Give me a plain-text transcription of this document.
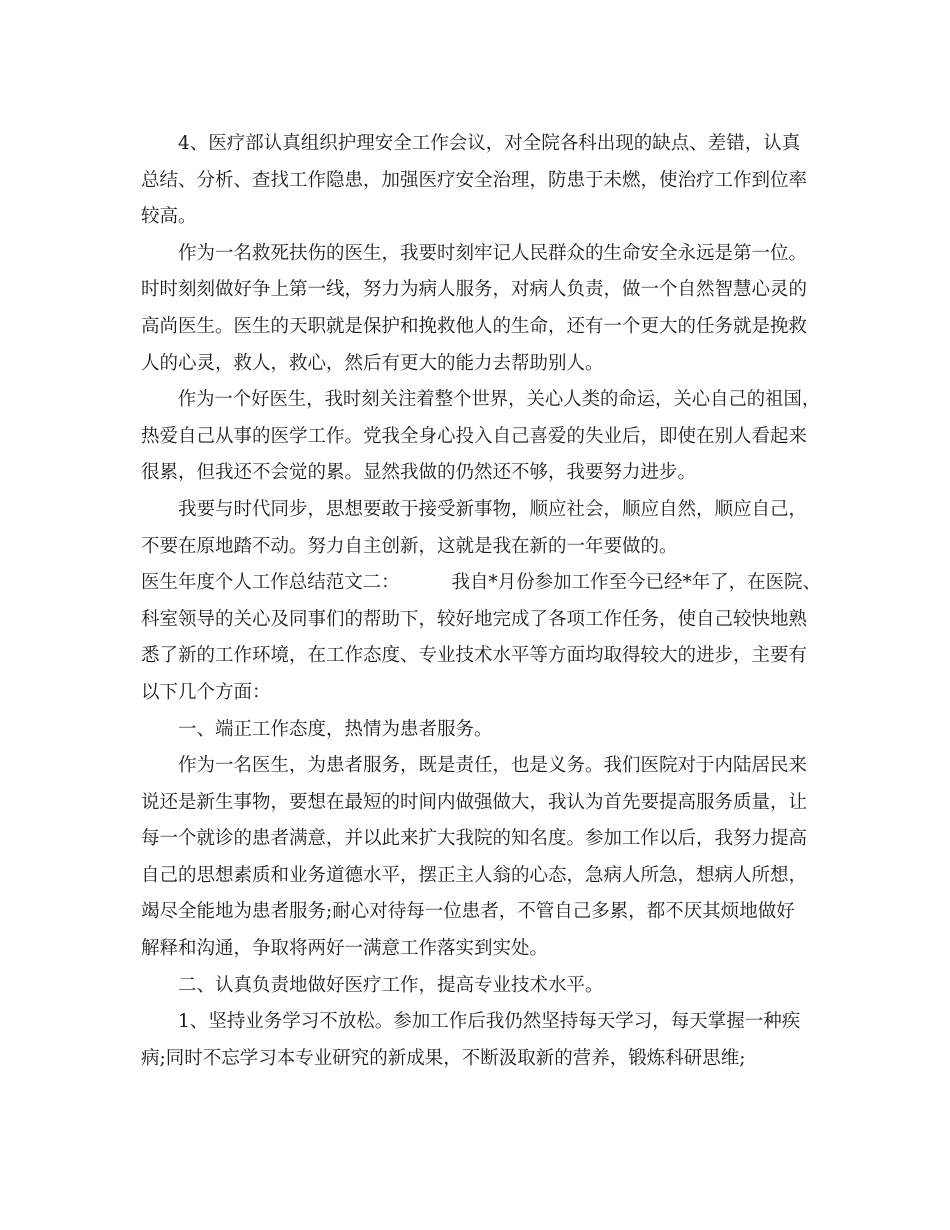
4、医疗部认真组织护理安全工作会议，对全院各科出现的缺点、差错，认真
总结、分析、查找工作隐患，加强医疗安全治理，防患于未燃，使治疗工作到位率
较高。
作为一名救死扶伤的医生，我要时刻牢记人民群众的生命安全永远是第一位。
时时刻刻做好争上第一线，努力为病人服务，对病人负责，做一个自然智慧心灵的
高尚医生。医生的天职就是保护和挽救他人的生命，还有一个更大的任务就是挽救
人的心灵，救人，救心，然后有更大的能力去帮助别人。
作为一个好医生，我时刻关注着整个世界，关心人类的命运，关心自己的祖国，
热爱自己从事的医学工作。党我全身心投入自己喜爱的失业后，即使在别人看起来
很累，但我还不会觉的累。显然我做的仍然还不够，我要努力进步。
我要与时代同步，思想要敢于接受新事物，顺应社会，顺应自然，顺应自己，
不要在原地踏不动。努力自主创新，这就是我在新的一年要做的。
医生年度个人工作总结范文二：	我自*月份参加工作至今已经*年了，在医院、
科室领导的关心及同事们的帮助下，较好地完成了各项工作任务，使自己较快地熟
悉了新的工作环境，在工作态度、专业技术水平等方面均取得较大的进步，主要有
以下几个方面：
一、端正工作态度，热情为患者服务。
作为一名医生，为患者服务，既是责任，也是义务。我们医院对于内陆居民来
说还是新生事物，要想在最短的时间内做强做大，我认为首先要提高服务质量，让
每一个就诊的患者满意，并以此来扩大我院的知名度。参加工作以后，我努力提高
自己的思想素质和业务道德水平，摆正主人翁的心态，急病人所急，想病人所想，
竭尽全能地为患者服务;耐心对待每一位患者，不管自己多累，都不厌其烦地做好
解释和沟通，争取将两好一满意工作落实到实处。
二、认真负责地做好医疗工作，提高专业技术水平。
1、坚持业务学习不放松。参加工作后我仍然坚持每天学习，每天掌握一种疾
病;同时不忘学习本专业研究的新成果，不断汲取新的营养，锻炼科研思维;
